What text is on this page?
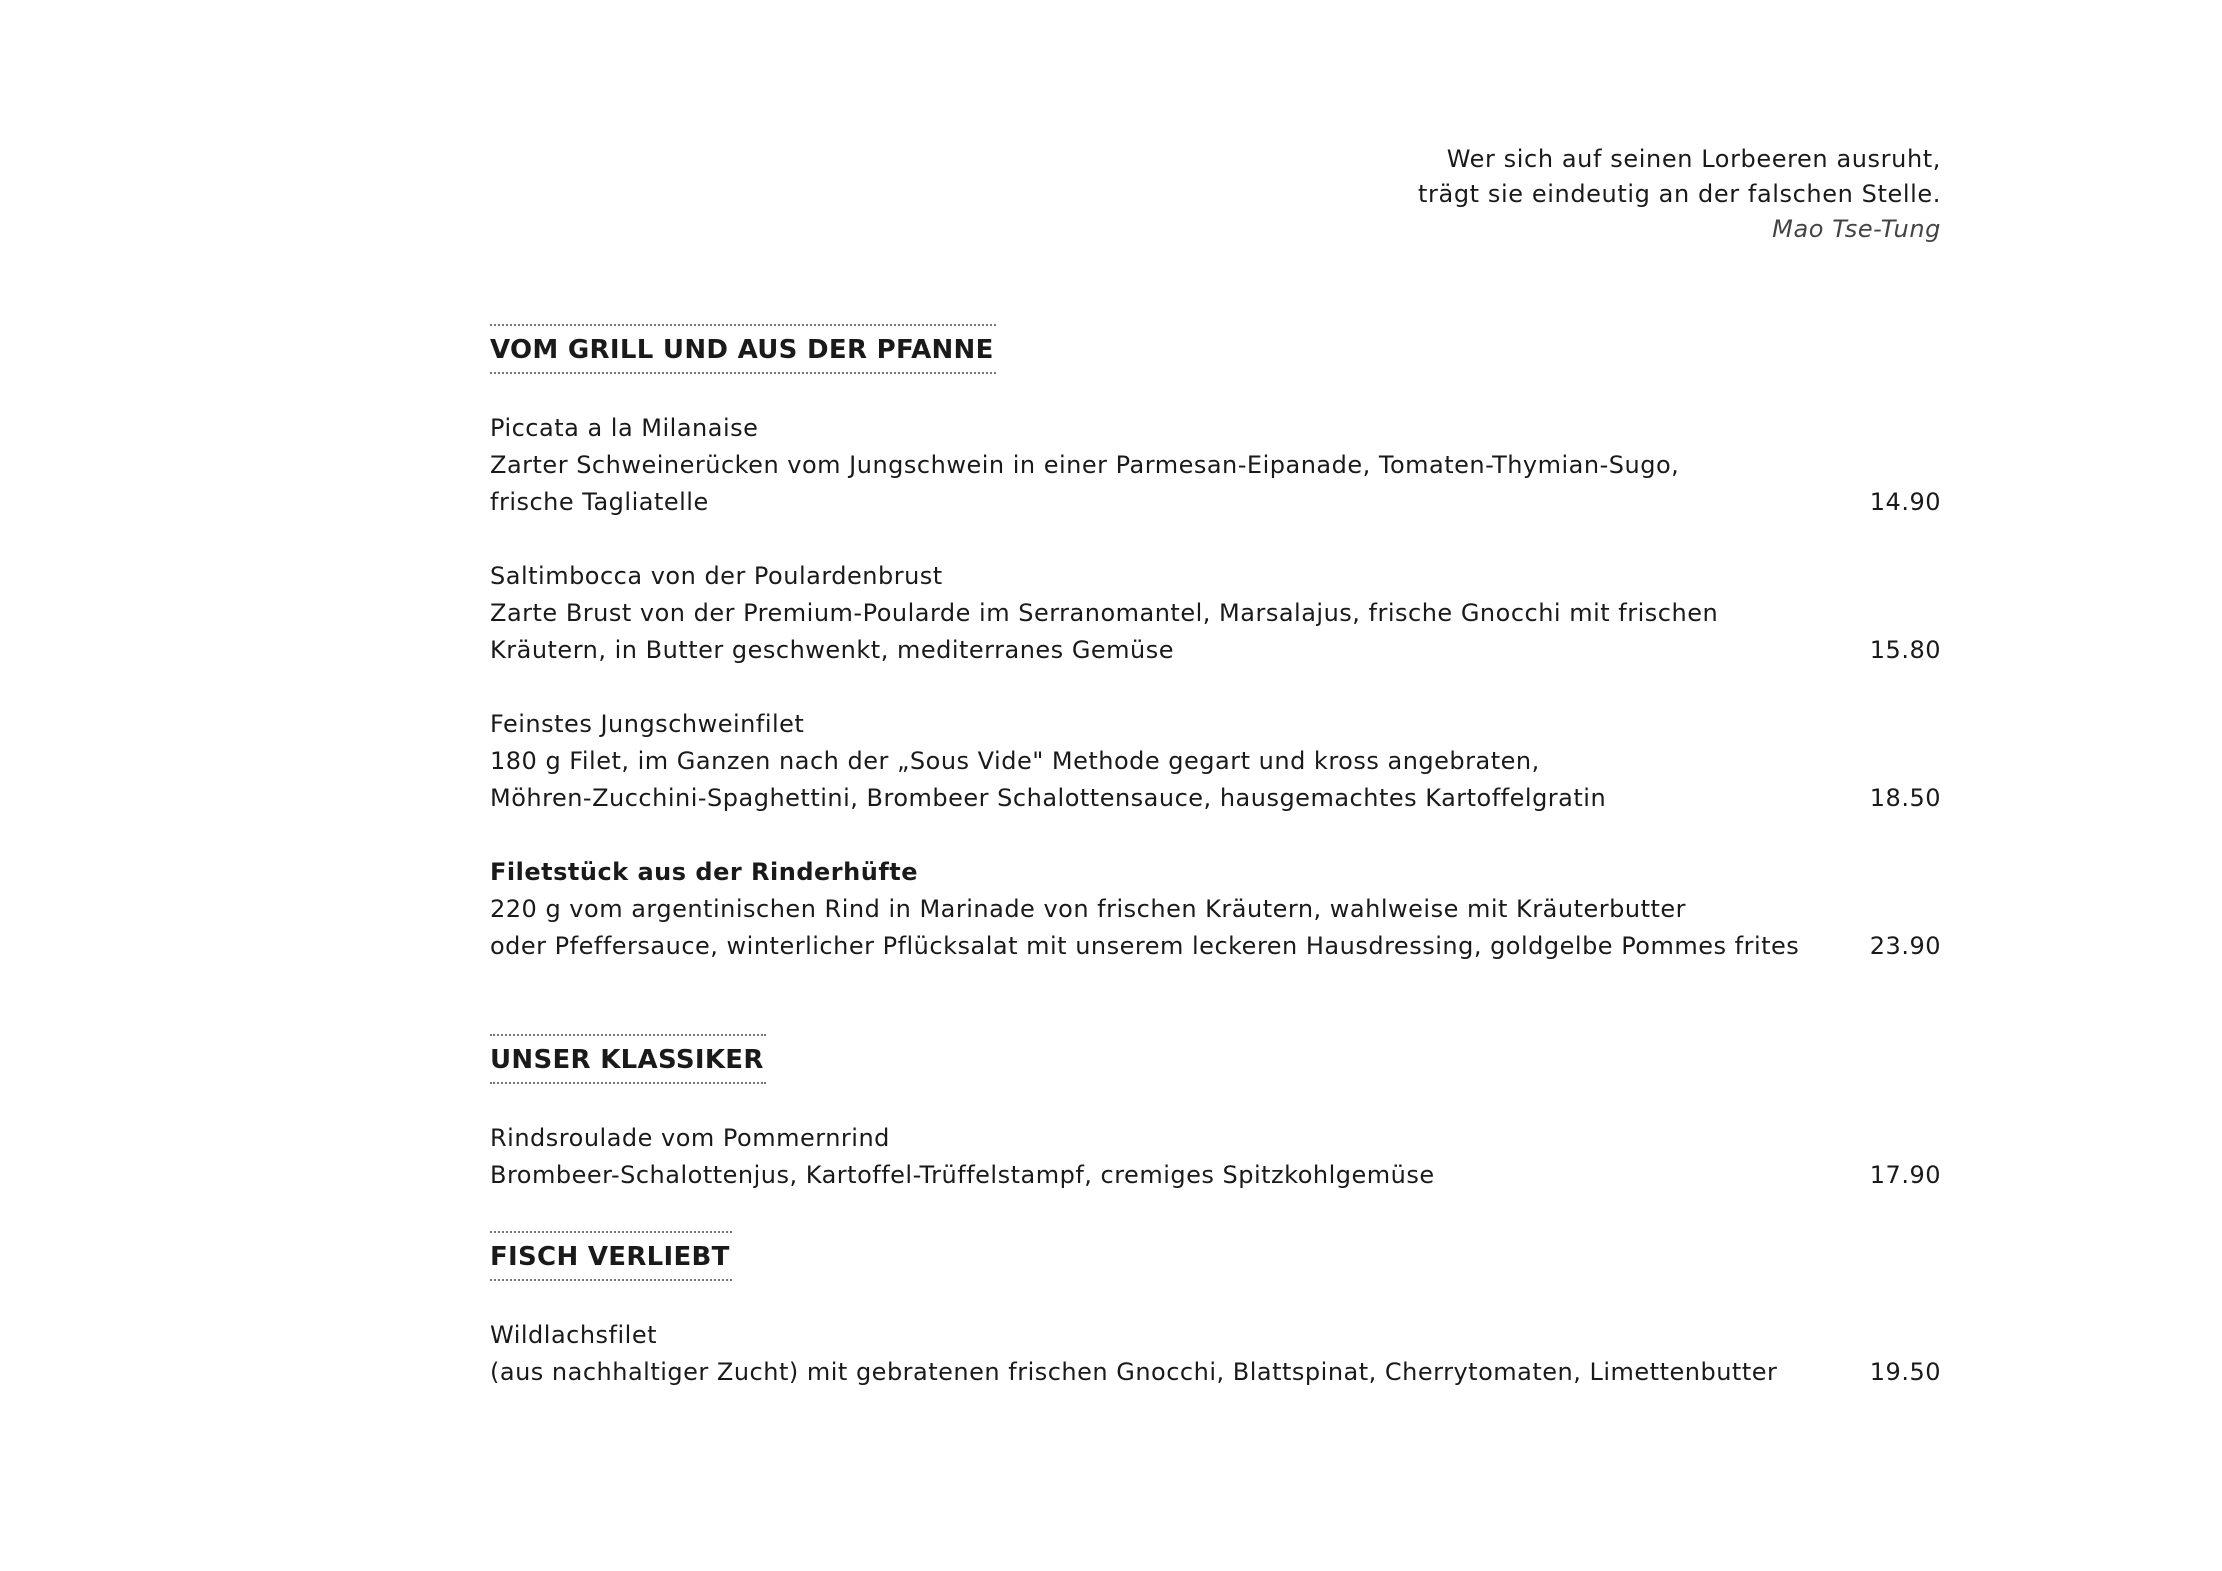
Wer sich auf seinen Lorbeeren ausruht,
trägt sie eindeutig an der falschen Stelle.
Mao Tse-Tung
VOM GRILL UND AUS DER PFANNE
Piccata a la Milanaise
Zarter Schweinerücken vom Jungschwein in einer Parmesan-Eipanade, Tomaten-Thymian-Sugo,
frische Tagliatelle	14.90
Saltimbocca von der Poulardenbrust
Zarte Brust von der Premium-Poularde im Serranomantel, Marsalajus, frische Gnocchi mit frischen
Kräutern, in Butter geschwenkt, mediterranes Gemüse	15.80
Feinstes Jungschweinfilet
180 g Filet, im Ganzen nach der „Sous Vide" Methode gegart und kross angebraten,
Möhren-Zucchini-Spaghettini, Brombeer Schalottensauce, hausgemachtes Kartoffelgratin	18.50
Filetstück aus der Rinderhüfte
220 g vom argentinischen Rind in Marinade von frischen Kräutern, wahlweise mit Kräuterbutter
oder Pfeffersauce, winterlicher Pflücksalat mit unserem leckeren Hausdressing, goldgelbe Pommes frites	23.90
UNSER KLASSIKER
Rindsroulade vom Pommernrind
Brombeer-Schalottenjus, Kartoffel-Trüffelstampf, cremiges Spitzkohlgemüse	17.90
FISCH VERLIEBT
Wildlachsfilet
(aus nachhaltiger Zucht) mit gebratenen frischen Gnocchi, Blattspinat, Cherrytomaten, Limettenbutter	19.50
